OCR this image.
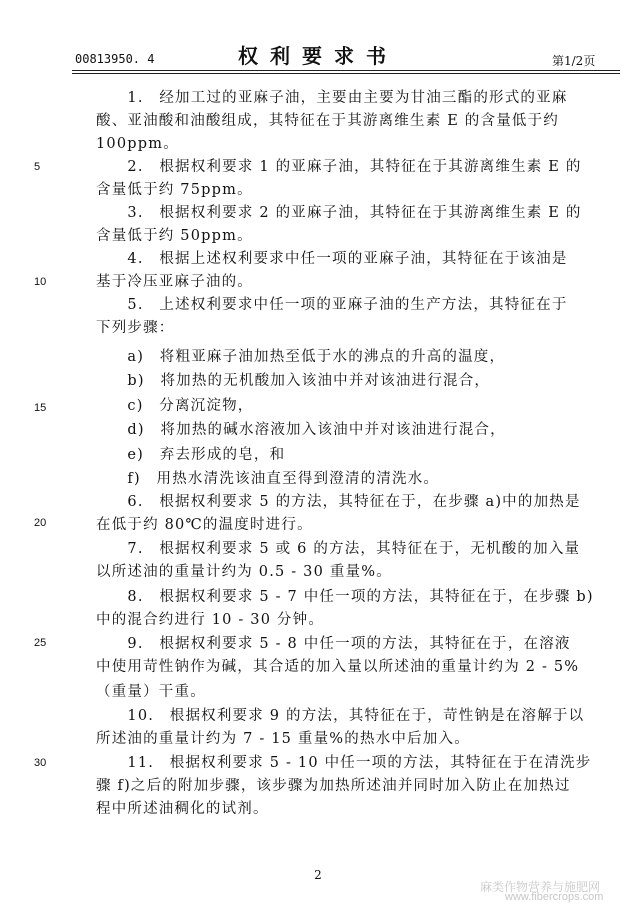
00813950. 4	权利要求书	第1/2页
5
10
15
20
25
30
　　1.　经加工过的亚麻子油，主要由主要为甘油三酯的形式的亚麻
酸、亚油酸和油酸组成，其特征在于其游离维生素 E 的含量低于约
100ppm。
　　2.　根据权利要求 1 的亚麻子油，其特征在于其游离维生素 E 的
含量低于约 75ppm。
　　3.　根据权利要求 2 的亚麻子油，其特征在于其游离维生素 E 的
含量低于约 50ppm。
　　4.　根据上述权利要求中任一项的亚麻子油，其特征在于该油是
基于冷压亚麻子油的。
　　5.　上述权利要求中任一项的亚麻子油的生产方法，其特征在于
下列步骤：
　　a)　将粗亚麻子油加热至低于水的沸点的升高的温度，
　　b)　将加热的无机酸加入该油中并对该油进行混合，
　　c)　分离沉淀物，
　　d)　将加热的碱水溶液加入该油中并对该油进行混合，
　　e)　弃去形成的皂，和
　　f)　用热水清洗该油直至得到澄清的清洗水。
　　6.　根据权利要求 5 的方法，其特征在于，在步骤 a)中的加热是
在低于约 80℃的温度时进行。
　　7.　根据权利要求 5 或 6 的方法，其特征在于，无机酸的加入量
以所述油的重量计约为 0.5 - 30 重量%。
　　8.　根据权利要求 5 - 7 中任一项的方法，其特征在于，在步骤 b)
中的混合约进行 10 - 30 分钟。
　　9.　根据权利要求 5 - 8 中任一项的方法，其特征在于，在溶液
中使用苛性钠作为碱，其合适的加入量以所述油的重量计约为 2 - 5%
（重量）干重。
　　10.　根据权利要求 9 的方法，其特征在于，苛性钠是在溶解于以
所述油的重量计约为 7 - 15 重量%的热水中后加入。
　　11.　根据权利要求 5 - 10 中任一项的方法，其特征在于在清洗步
骤 f)之后的附加步骤，该步骤为加热所述油并同时加入防止在加热过
程中所述油稠化的试剂。
2
麻类作物营养与施肥网
www.fibercrops.com
